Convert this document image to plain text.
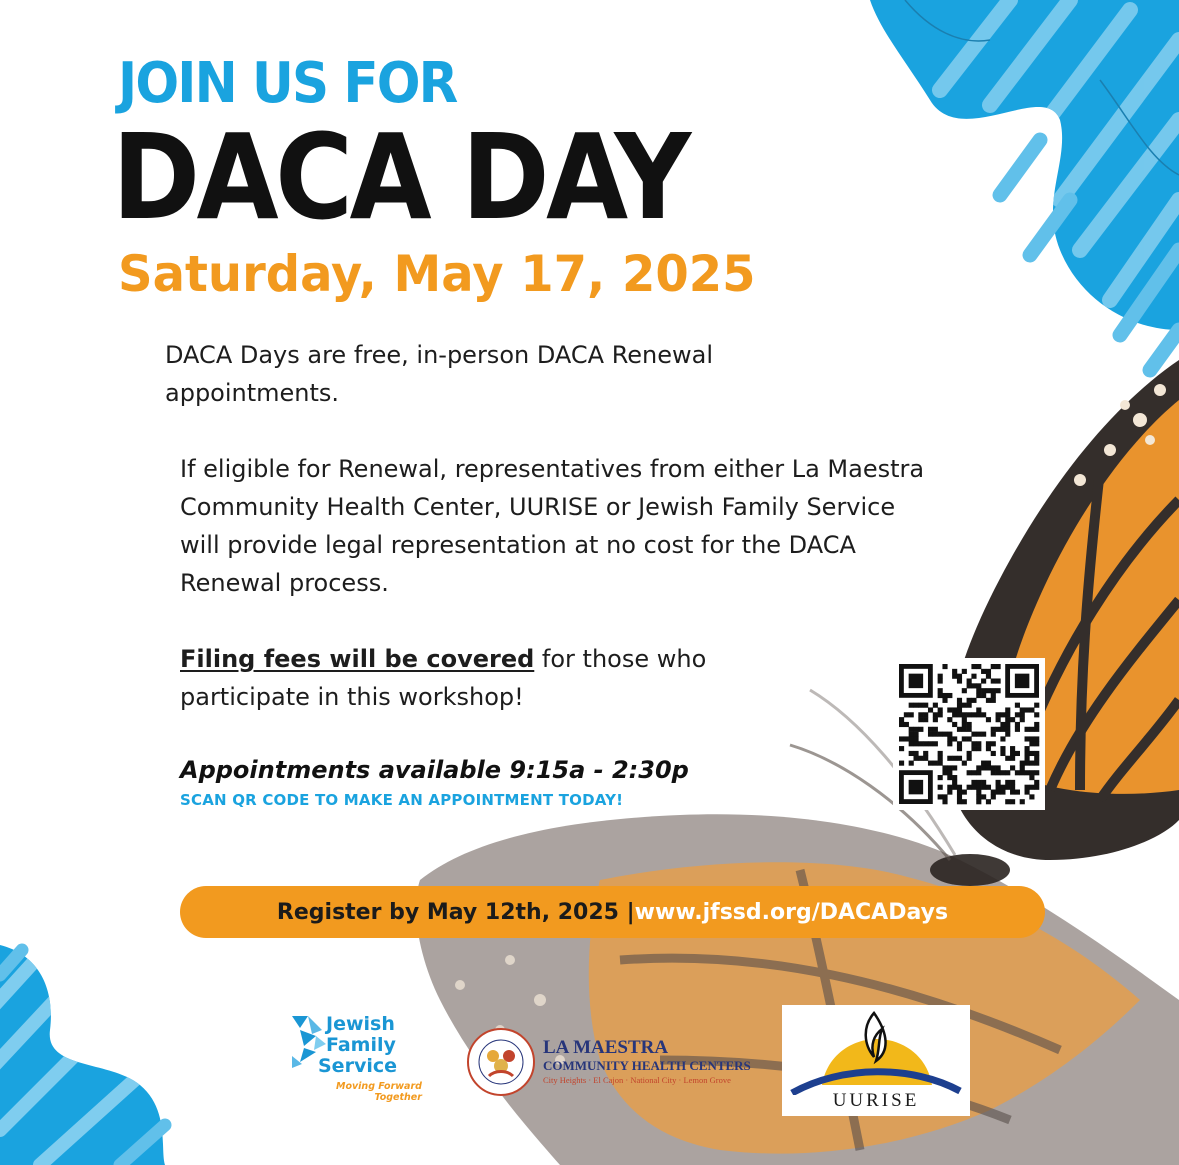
JOIN US FOR
DACA DAY
Saturday, May 17, 2025
DACA Days are free, in-person DACA Renewal appointments.
If eligible for Renewal, representatives from either La Maestra Community Health Center, UURISE or Jewish Family Service will provide legal representation at no cost for the DACA Renewal process.
Filing fees will be covered for those who participate in this workshop!
Appointments available 9:15a - 2:30p
SCAN QR CODE TO MAKE AN APPOINTMENT TODAY!
Register by May 12th, 2025 | www.jfssd.org/DACADays
Jewish
Family
Service
Moving Forward
Together
LA MAESTRA
COMMUNITY HEALTH CENTERS
City Heights · El Cajon · National City · Lemon Grove
UURISE
